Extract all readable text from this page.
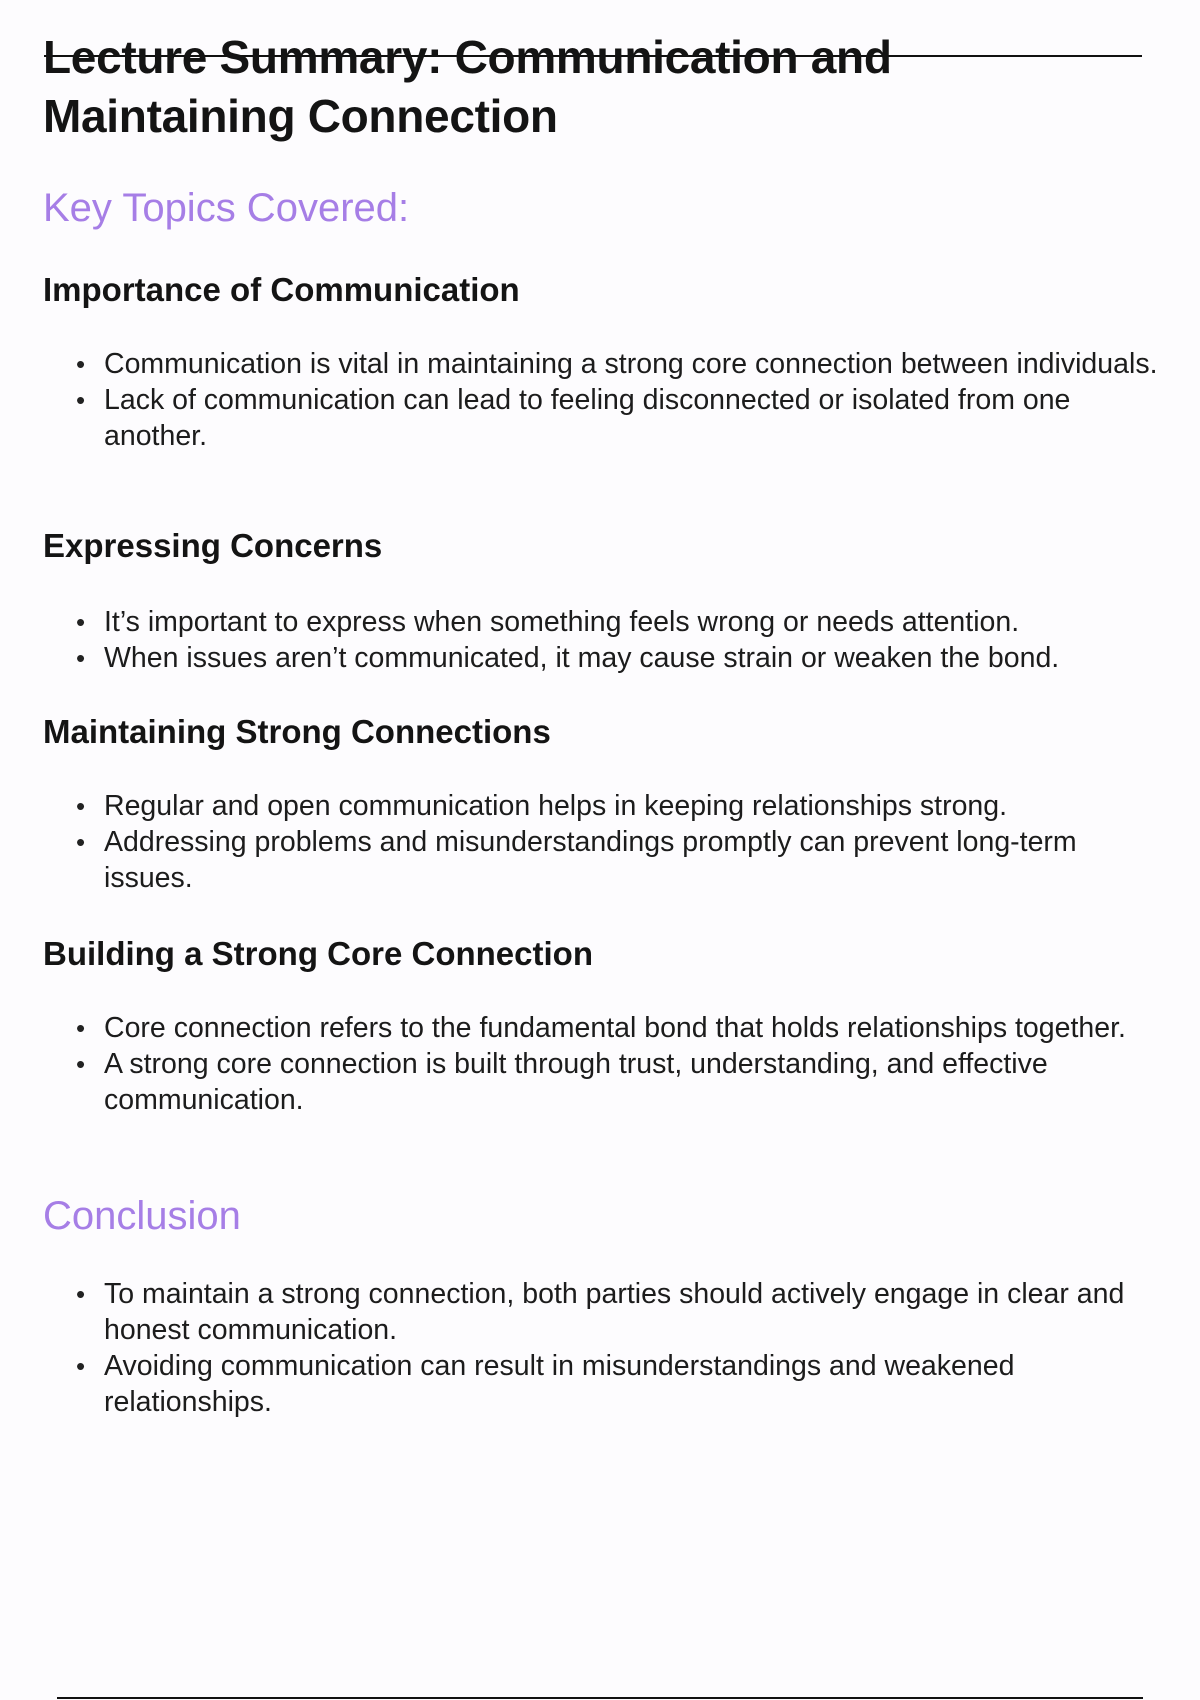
Lecture Summary: Communication and Maintaining Connection
Key Topics Covered:
Importance of Communication
• Communication is vital in maintaining a strong core connection between individuals.
• Lack of communication can lead to feeling disconnected or isolated from one another.
Expressing Concerns
• It’s important to express when something feels wrong or needs attention.
• When issues aren’t communicated, it may cause strain or weaken the bond.
Maintaining Strong Connections
• Regular and open communication helps in keeping relationships strong.
• Addressing problems and misunderstandings promptly can prevent long-term issues.
Building a Strong Core Connection
• Core connection refers to the fundamental bond that holds relationships together.
• A strong core connection is built through trust, understanding, and effective communication.
Conclusion
• To maintain a strong connection, both parties should actively engage in clear and honest communication.
• Avoiding communication can result in misunderstandings and weakened relationships.
